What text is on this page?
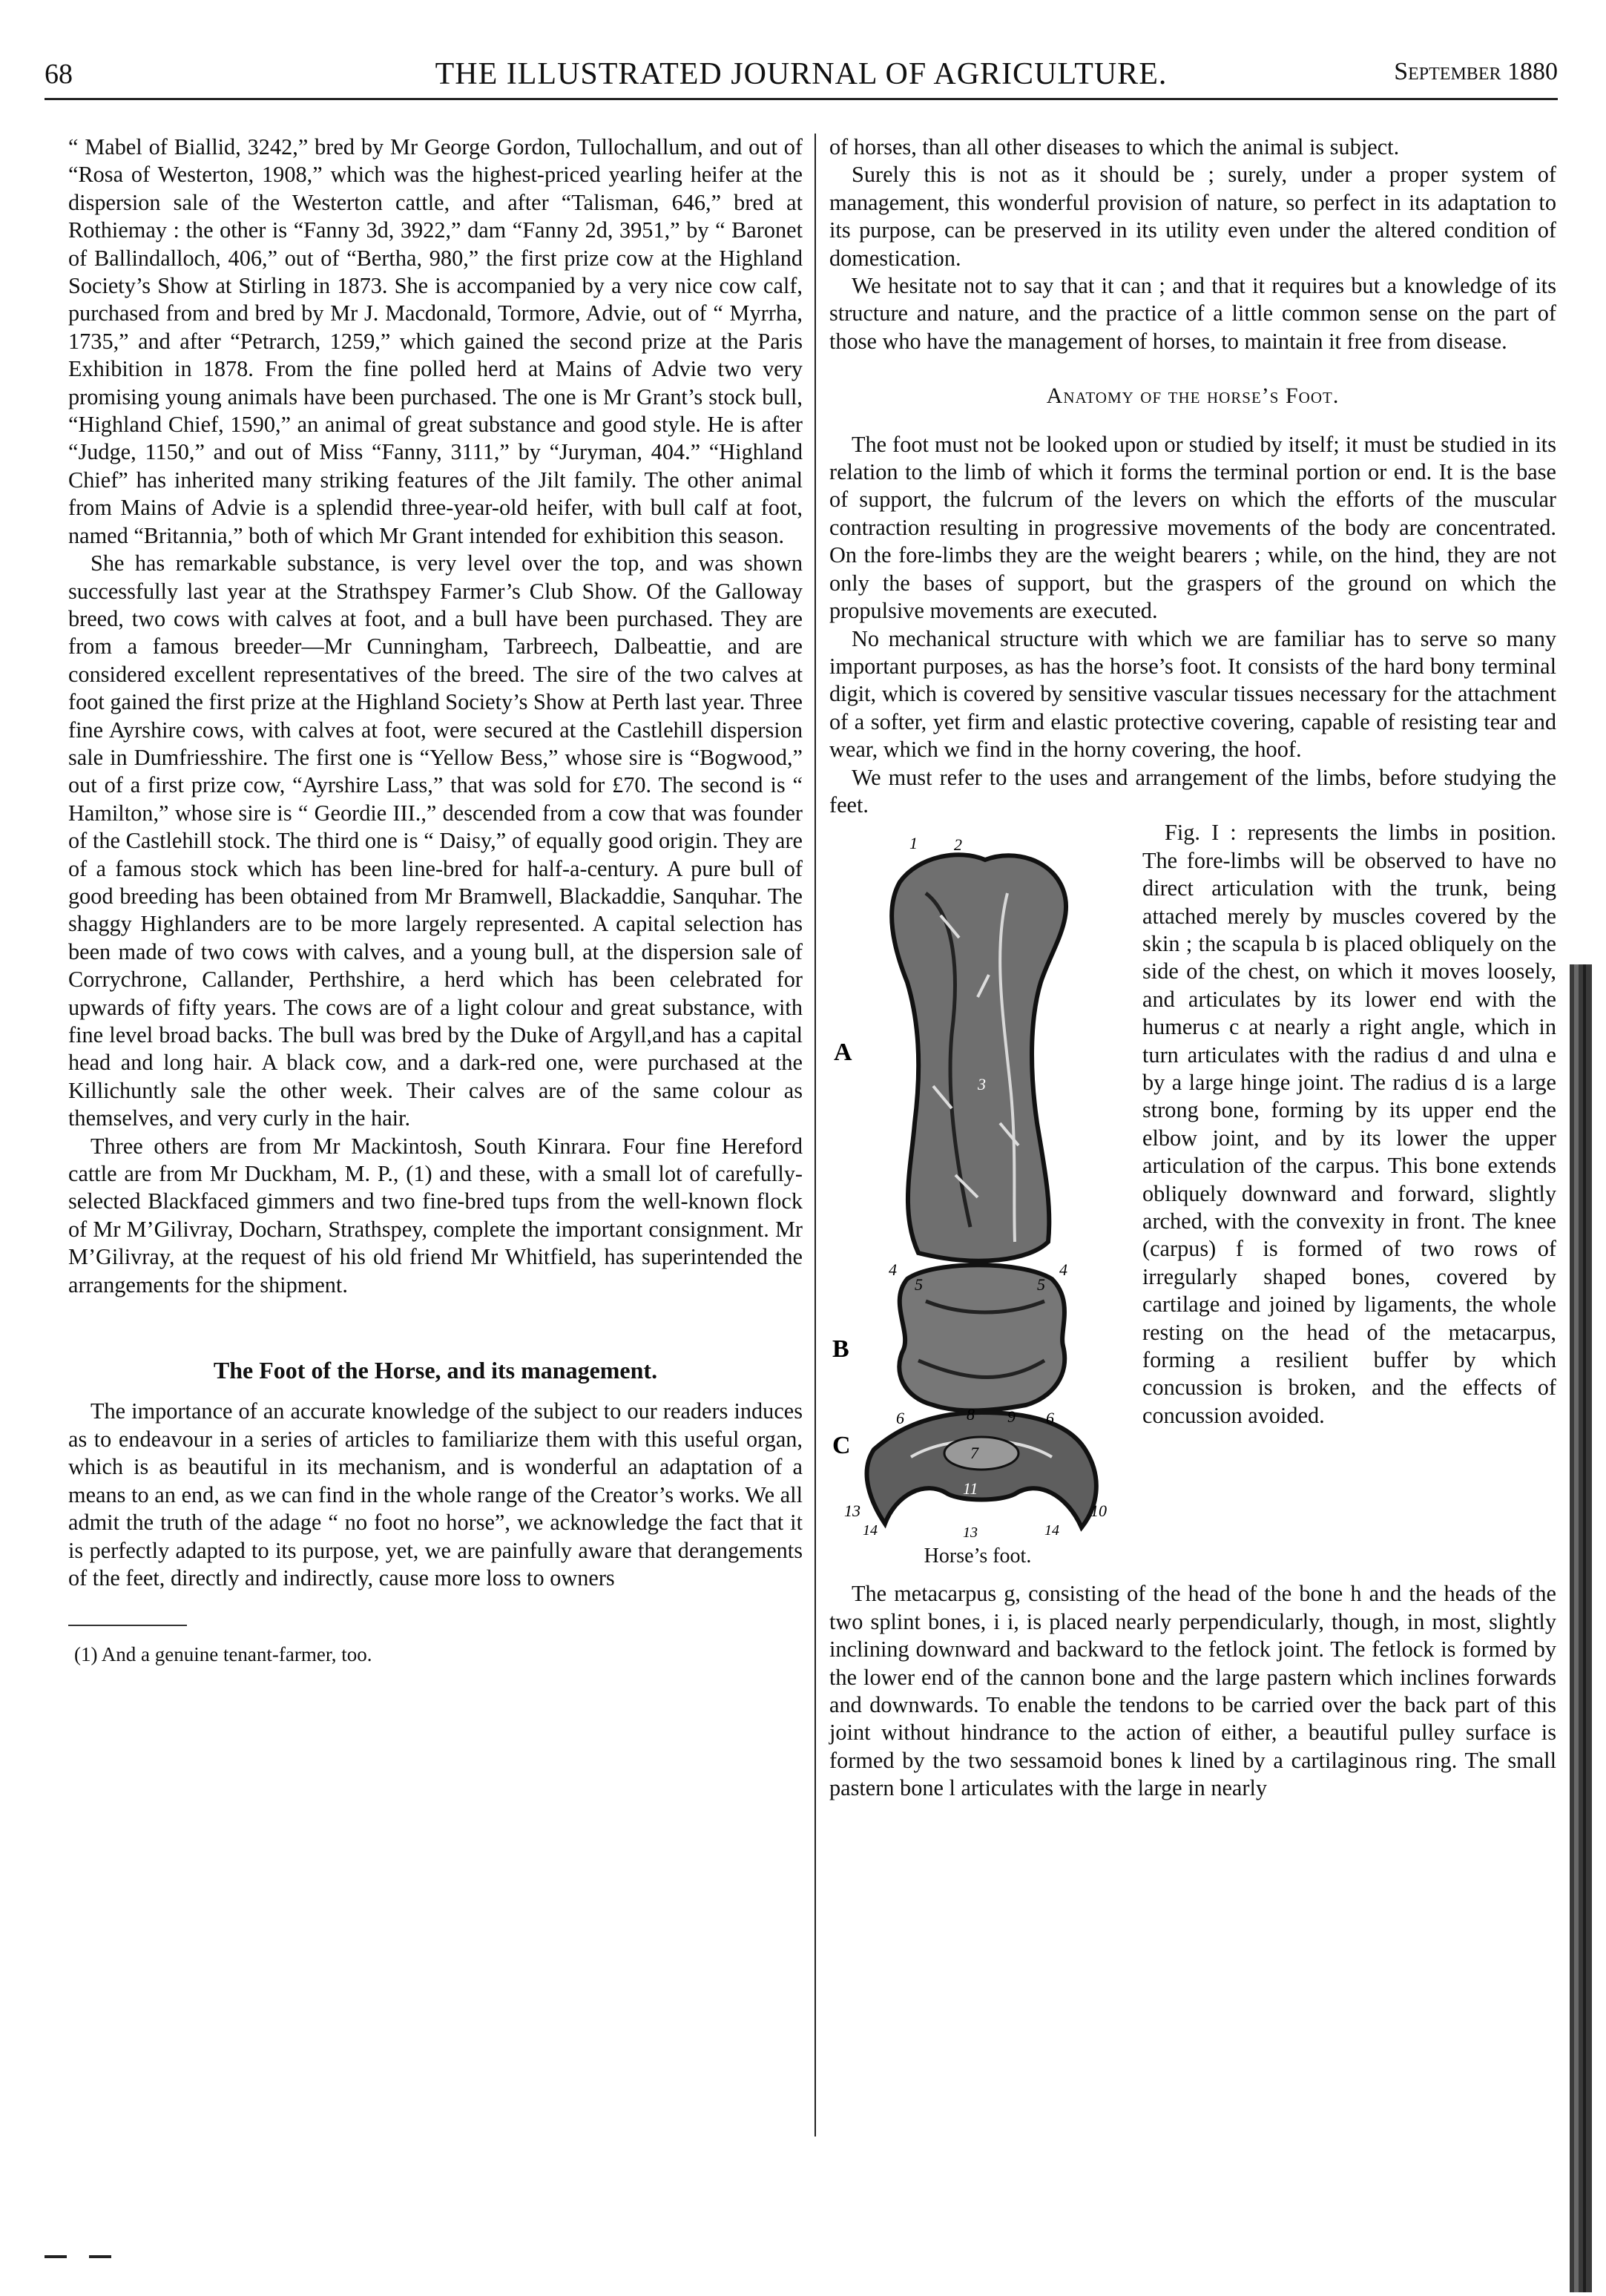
68	THE ILLUSTRATED JOURNAL OF AGRICULTURE.	September 1880

“ Mabel of Biallid, 3242,” bred by Mr George Gordon, Tullochallum, and out of “Rosa of Westerton, 1908,” which was the highest-priced yearling heifer at the dispersion sale of the Westerton cattle, and after “Talisman, 646,” bred at Rothiemay : the other is “Fanny 3d, 3922,” dam “Fanny 2d, 3951,” by “ Baronet of Ballindalloch, 406,” out of “Bertha, 980,” the first prize cow at the Highland Society’s Show at Stirling in 1873. She is accompanied by a very nice cow calf, purchased from and bred by Mr J. Macdonald, Tormore, Advie, out of “ Myrrha, 1735,” and after “Petrarch, 1259,” which gained the second prize at the Paris Exhibition in 1878. From the fine polled herd at Mains of Advie two very promising young animals have been purchased. The one is Mr Grant’s stock bull, “Highland Chief, 1590,” an animal of great substance and good style. He is after “Judge, 1150,” and out of Miss “Fanny, 3111,” by “Juryman, 404.” “Highland Chief” has inherited many striking features of the Jilt family. The other animal from Mains of Advie is a splendid three-year-old heifer, with bull calf at foot, named “Britannia,” both of which Mr Grant intended for exhibition this season.

She has remarkable substance, is very level over the top, and was shown successfully last year at the Strathspey Farmer’s Club Show. Of the Galloway breed, two cows with calves at foot, and a bull have been purchased. They are from a famous breeder—Mr Cunningham, Tarbreech, Dalbeattie, and are considered excellent representatives of the breed. The sire of the two calves at foot gained the first prize at the Highland Society’s Show at Perth last year. Three fine Ayrshire cows, with calves at foot, were secured at the Castlehill dispersion sale in Dumfriesshire. The first one is “Yellow Bess,” whose sire is “Bogwood,” out of a first prize cow, “Ayrshire Lass,” that was sold for £70. The second is “ Hamilton,” whose sire is “ Geordie III.,” descended from a cow that was founder of the Castlehill stock. The third one is “ Daisy,” of equally good origin. They are of a famous stock which has been line-bred for half-a-century. A pure bull of good breeding has been obtained from Mr Bramwell, Blackaddie, Sanquhar. The shaggy Highlanders are to be more largely represented. A capital selection has been made of two cows with calves, and a young bull, at the dispersion sale of Corrychrone, Callander, Perthshire, a herd which has been celebrated for upwards of fifty years. The cows are of a light colour and great substance, with fine level broad backs. The bull was bred by the Duke of Argyll,and has a capital head and long hair. A black cow, and a dark-red one, were purchased at the Killichuntly sale the other week. Their calves are of the same colour as themselves, and very curly in the hair.

Three others are from Mr Mackintosh, South Kinrara. Four fine Hereford cattle are from Mr Duckham, M. P., (1) and these, with a small lot of carefully-selected Blackfaced gimmers and two fine-bred tups from the well-known flock of Mr M’Gilivray, Docharn, Strathspey, complete the important consignment. Mr M’Gilivray, at the request of his old friend Mr Whitfield, has superintended the arrangements for the shipment.

The Foot of the Horse, and its management.

The importance of an accurate knowledge of the subject to our readers induces as to endeavour in a series of articles to familiarize them with this useful organ, which is as beautiful in its mechanism, and is wonderful an adaptation of a means to an end, as we can find in the whole range of the Creator’s works. We all admit the truth of the adage “ no foot no horse”, we acknowledge the fact that it is perfectly adapted to its purpose, yet, we are painfully aware that derangements of the feet, directly and indirectly, cause more loss to owners

(1) And a genuine tenant-farmer, too.

of horses, than all other diseases to which the animal is subject.

Surely this is not as it should be ; surely, under a proper system of management, this wonderful provision of nature, so perfect in its adaptation to its purpose, can be preserved in its utility even under the altered condition of domestication.

We hesitate not to say that it can ; and that it requires but a knowledge of its structure and nature, and the practice of a little common sense on the part of those who have the management of horses, to maintain it free from disease.

Anatomy of the horse’s Foot.

The foot must not be looked upon or studied by itself; it must be studied in its relation to the limb of which it forms the terminal portion or end. It is the base of support, the fulcrum of the levers on which the efforts of the muscular contraction resulting in progressive movements of the body are concentrated. On the fore-limbs they are the weight bearers ; while, on the hind, they are not only the bases of support, but the graspers of the ground on which the propulsive movements are executed.

No mechanical structure with which we are familiar has to serve so many important purposes, as has the horse’s foot. It consists of the hard bony terminal digit, which is covered by sensitive vascular tissues necessary for the attachment of a softer, yet firm and elastic protective covering, capable of resisting tear and wear, which we find in the horny covering, the hoof.

We must refer to the uses and arrangement of the limbs, before studying the feet.

A
B
C
1 2
3
4	4
5	5
6	6
8 9
7
11
12
13	10
14	14
13
Horse’s foot.

Fig. I : represents the limbs in position. The fore-limbs will be observed to have no direct articulation with the trunk, being attached merely by muscles covered by the skin ; the scapula b is placed obliquely on the side of the chest, on which it moves loosely, and articulates by its lower end with the humerus c at nearly a right angle, which in turn articulates with the radius d and ulna e by a large hinge joint. The radius d is a large strong bone, forming by its upper end the elbow joint, and by its lower the upper articulation of the carpus. This bone extends obliquely downward and forward, slightly arched, with the convexity in front. The knee (carpus) f is formed of two rows of irregularly shaped bones, covered by cartilage and joined by ligaments, the whole resting on the head of the metacarpus, forming a resilient buffer by which concussion is broken, and the effects of concussion avoided.

The metacarpus g, consisting of the head of the bone h and the heads of the two splint bones, i i, is placed nearly perpendicularly, though, in most, slightly inclining downward and backward to the fetlock joint. The fetlock is formed by the lower end of the cannon bone and the large pastern which inclines forwards and downwards. To enable the tendons to be carried over the back part of this joint without hindrance to the action of either, a beautiful pulley surface is formed by the two sessamoid bones k lined by a cartilaginous ring. The small pastern bone l articulates with the large in nearly
